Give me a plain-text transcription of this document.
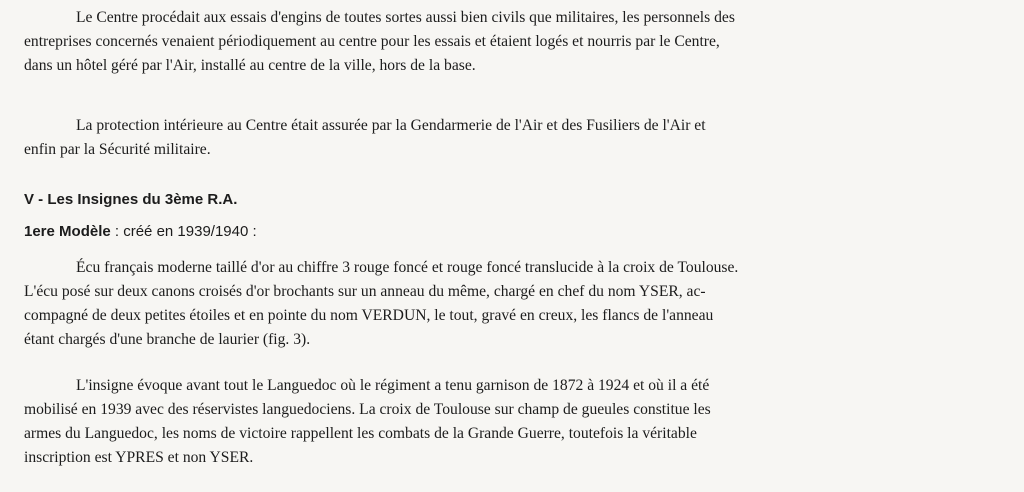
Le Centre procédait aux essais d'engins de toutes sortes aussi bien civils que militaires, les personnels des
entreprises concernés venaient périodiquement au centre pour les essais et étaient logés et nourris par le Centre,
dans un hôtel géré par l'Air, installé au centre de la ville, hors de la base.

La protection intérieure au Centre était assurée par la Gendarmerie de l'Air et des Fusiliers de l'Air et
enfin par la Sécurité militaire.

V - Les Insignes du 3ème R.A.
1ere Modèle : créé en 1939/1940 :

Écu français moderne taillé d'or au chiffre 3 rouge foncé et rouge foncé translucide à la croix de Toulouse.
L'écu posé sur deux canons croisés d'or brochants sur un anneau du même, chargé en chef du nom YSER, ac-
compagné de deux petites étoiles et en pointe du nom VERDUN, le tout, gravé en creux, les flancs de l'anneau
étant chargés d'une branche de laurier (fig. 3).

L'insigne évoque avant tout le Languedoc où le régiment a tenu garnison de 1872 à 1924 et où il a été
mobilisé en 1939 avec des réservistes languedociens. La croix de Toulouse sur champ de gueules constitue les
armes du Languedoc, les noms de victoire rappellent les combats de la Grande Guerre, toutefois la véritable
inscription est YPRES et non YSER.
